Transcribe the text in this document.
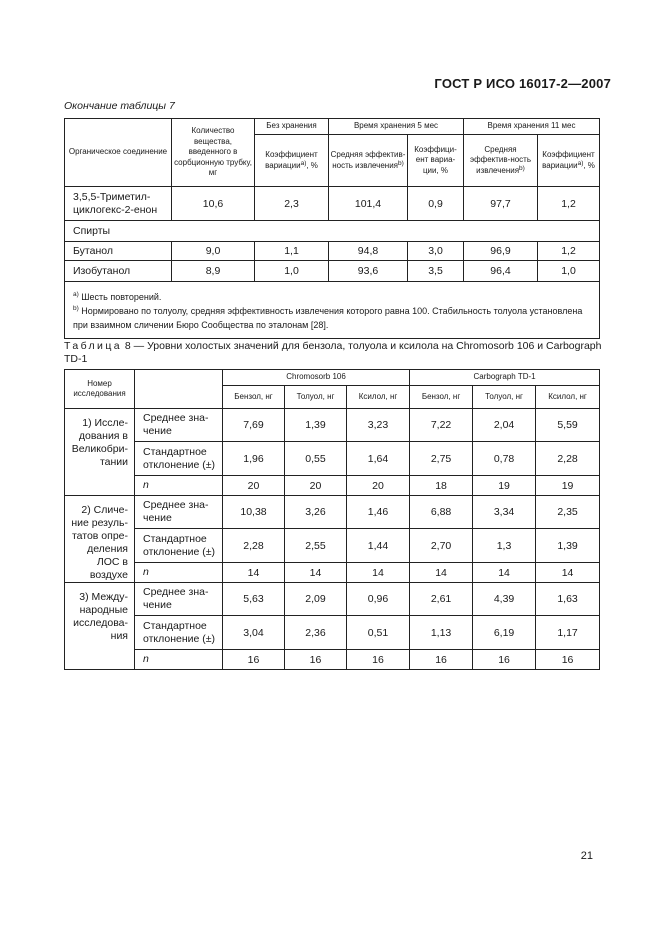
ГОСТ Р ИСО 16017-2—2007
Окончание таблицы 7
Органическое соединение	Количество вещества, введенного в сорбционную трубку, мг	Без хранения	Время хранения 5 мес		Время хранения 11 мес	
		Коэффициент вариации$^{a)}$, %	Средняя эффектив-ность извлечения$^{b)}$	Коэффици-ент вариа-ции, %	Средняя эффектив-ность извлечения$^{b)}$	Коэффициент вариации$^{a)}$, %
3,5,5-Триметил-циклогекс-2-енон	10,6	2,3	101,4	0,9	97,7	1,2
Спирты						
Бутанол	9,0	1,1	94,8	3,0	96,9	1,2
Изобутанол	8,9	1,0	93,6	3,5	96,4	1,0

$^{a)}$ Шесть повторений.
$^{b)}$ Нормировано по толуолу, средняя эффективность извлечения которого равна 100. Стабильность толуола установлена при взаимном сличении Бюро Сообщества по эталонам [28].						
Таблица 8 — Уровни холостых значений для бензола, толуола и ксилола на Chromosorb 106 и Carbograph TD-1
Номер исследования		Chromosorb 106			Carbograph TD-1		
		Бензол, нг	Толуол, нг	Ксилол, нг	Бензол, нг	Толуол, нг	Ксилол, нг
1) Иссле-дования в Великобри-тании	Среднее зна-чение	7,69	1,39	3,23	7,22	2,04	5,59
	Стандартное отклонение (±)	1,96	0,55	1,64	2,75	0,78	2,28
	n	20	20	20	18	19	19
2) Сличе-ние резуль-татов опре-деления ЛОС в воздухе	Среднее зна-чение	10,38	3,26	1,46	6,88	3,34	2,35
	Стандартное отклонение (±)	2,28	2,55	1,44	2,70	1,3	1,39
	n	14	14	14	14	14	14
3) Между-народные исследова-ния	Среднее зна-чение	5,63	2,09	0,96	2,61	4,39	1,63
	Стандартное отклонение (±)	3,04	2,36	0,51	1,13	6,19	1,17
	n	16	16	16	16	16	16
21
